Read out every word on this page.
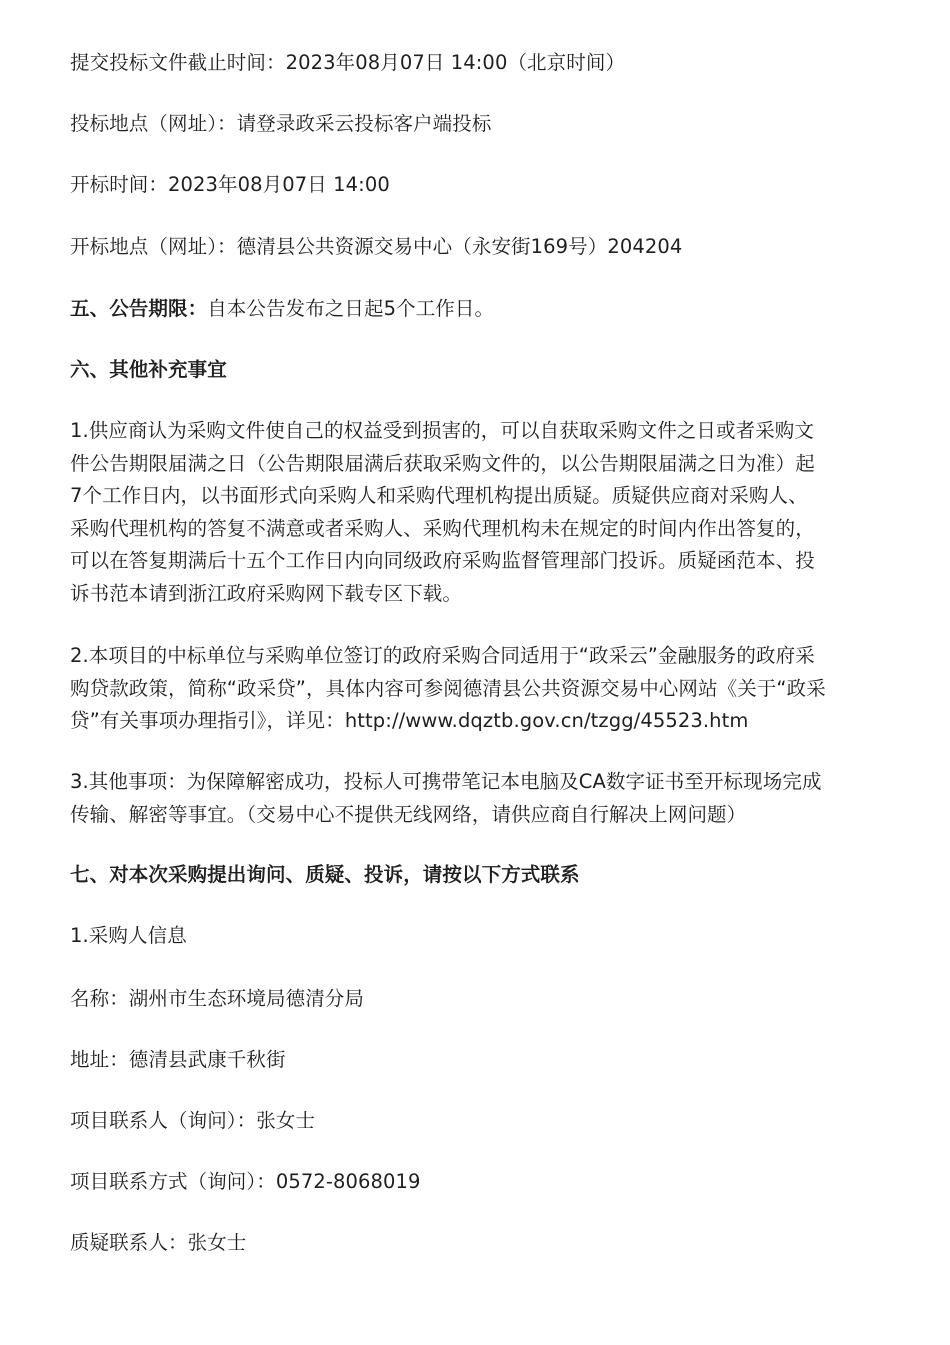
提交投标文件截止时间：2023年08月07日 14:00（北京时间）
投标地点（网址）：请登录政采云投标客户端投标
开标时间：2023年08月07日 14:00
开标地点（网址）：德清县公共资源交易中心（永安街169号）204204
五、公告期限：自本公告发布之日起5个工作日。
六、其他补充事宜
1.供应商认为采购文件使自己的权益受到损害的，可以自获取采购文件之日或者采购文
件公告期限届满之日（公告期限届满后获取采购文件的，以公告期限届满之日为准）起
7个工作日内，以书面形式向采购人和采购代理机构提出质疑。质疑供应商对采购人、
采购代理机构的答复不满意或者采购人、采购代理机构未在规定的时间内作出答复的，
可以在答复期满后十五个工作日内向同级政府采购监督管理部门投诉。质疑函范本、投
诉书范本请到浙江政府采购网下载专区下载。
2.本项目的中标单位与采购单位签订的政府采购合同适用于“政采云”金融服务的政府采
购贷款政策，简称“政采贷”，具体内容可参阅德清县公共资源交易中心网站《关于“政采
贷”有关事项办理指引》，详见：http://www.dqztb.gov.cn/tzgg/45523.htm
3.其他事项：为保障解密成功，投标人可携带笔记本电脑及CA数字证书至开标现场完成
传输、解密等事宜。（交易中心不提供无线网络，请供应商自行解决上网问题）
七、对本次采购提出询问、质疑、投诉，请按以下方式联系
1.采购人信息
名称：湖州市生态环境局德清分局
地址：德清县武康千秋街
项目联系人（询问）：张女士
项目联系方式（询问）：0572-8068019
质疑联系人：张女士
